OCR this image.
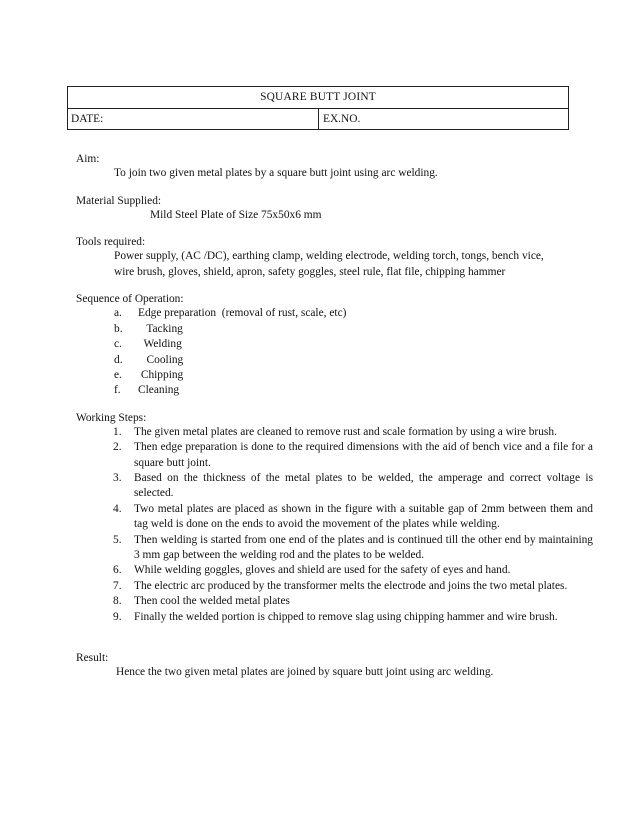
SQUARE BUTT JOINT
DATE:	EX.NO.
Aim:
To join two given metal plates by a square butt joint using arc welding.
Material Supplied:
Mild Steel Plate of Size 75x50x6 mm
Tools required:
Power supply, (AC /DC), earthing clamp, welding electrode, welding torch, tongs, bench vice,
wire brush, gloves, shield, apron, safety goggles, steel rule, flat file, chipping hammer
Sequence of Operation:
a.	Edge preparation  (removal of rust, scale, etc)
b.	Tacking
c.	Welding
d.	Cooling
e.	Chipping
f.	Cleaning
Working Steps:
1.	The given metal plates are cleaned to remove rust and scale formation by using a wire brush.
2.	Then edge preparation is done to the required dimensions with the aid of bench vice and a file for a square butt joint.
3.	Based on the thickness of the metal plates to be welded, the amperage and correct voltage is selected.
4.	Two metal plates are placed as shown in the figure with a suitable gap of 2mm between them and tag weld is done on the ends to avoid the movement of the plates while welding.
5.	Then welding is started from one end of the plates and is continued till the other end by maintaining 3 mm gap between the welding rod and the plates to be welded.
6.	While welding goggles, gloves and shield are used for the safety of eyes and hand.
7.	The electric arc produced by the transformer melts the electrode and joins the two metal plates.
8.	Then cool the welded metal plates
9.	Finally the welded portion is chipped to remove slag using chipping hammer and wire brush.
Result:
Hence the two given metal plates are joined by square butt joint using arc welding.
